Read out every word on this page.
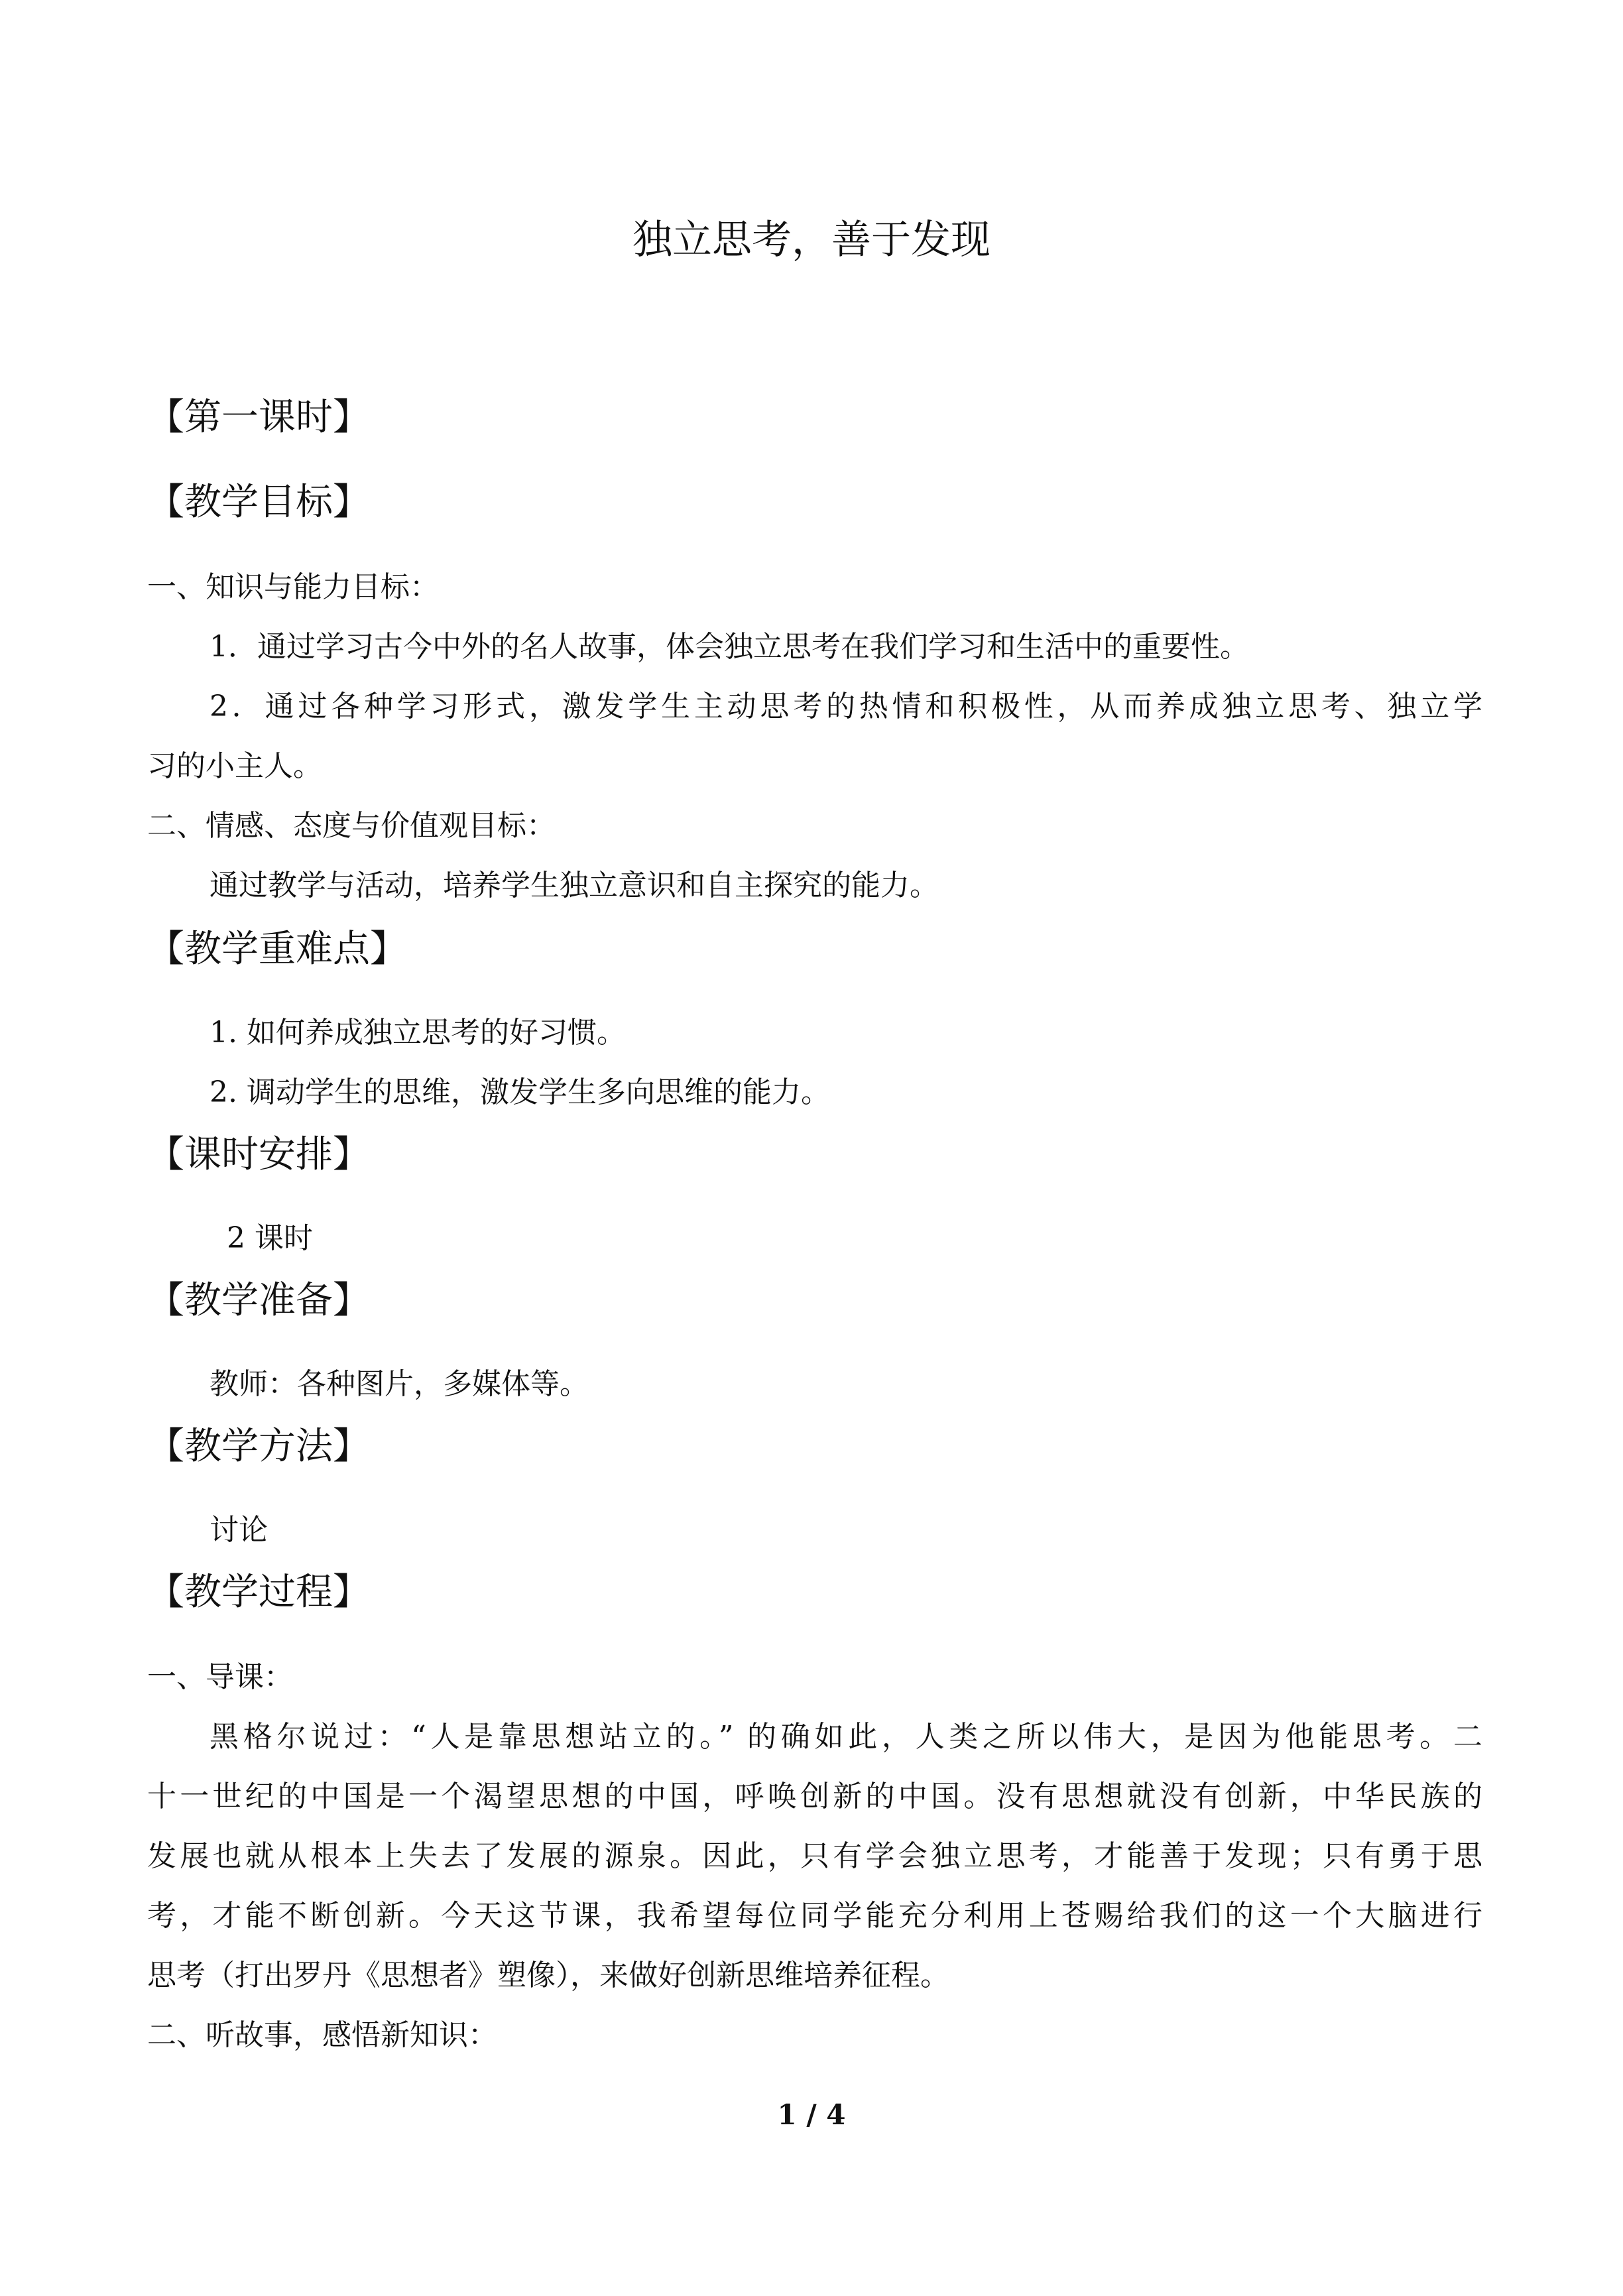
独立思考，善于发现
【第一课时】
【教学目标】
一、知识与能力目标：
1．通过学习古今中外的名人故事，体会独立思考在我们学习和生活中的重要性。
2．通过各种学习形式，激发学生主动思考的热情和积极性，从而养成独立思考、独立学
习的小主人。
二、情感、态度与价值观目标：
通过教学与活动，培养学生独立意识和自主探究的能力。
【教学重难点】
1. 如何养成独立思考的好习惯。
2. 调动学生的思维，激发学生多向思维的能力。
【课时安排】
2 课时
【教学准备】
教师：各种图片，多媒体等。
【教学方法】
讨论
【教学过程】
一、导课：
黑格尔说过：“人是靠思想站立的。” 的确如此，人类之所以伟大，是因为他能思考。二
十一世纪的中国是一个渴望思想的中国，呼唤创新的中国。没有思想就没有创新，中华民族的
发展也就从根本上失去了发展的源泉。因此，只有学会独立思考，才能善于发现；只有勇于思
考，才能不断创新。今天这节课，我希望每位同学能充分利用上苍赐给我们的这一个大脑进行
思考（打出罗丹《思想者》塑像），来做好创新思维培养征程。
二、听故事，感悟新知识：
1 / 4
